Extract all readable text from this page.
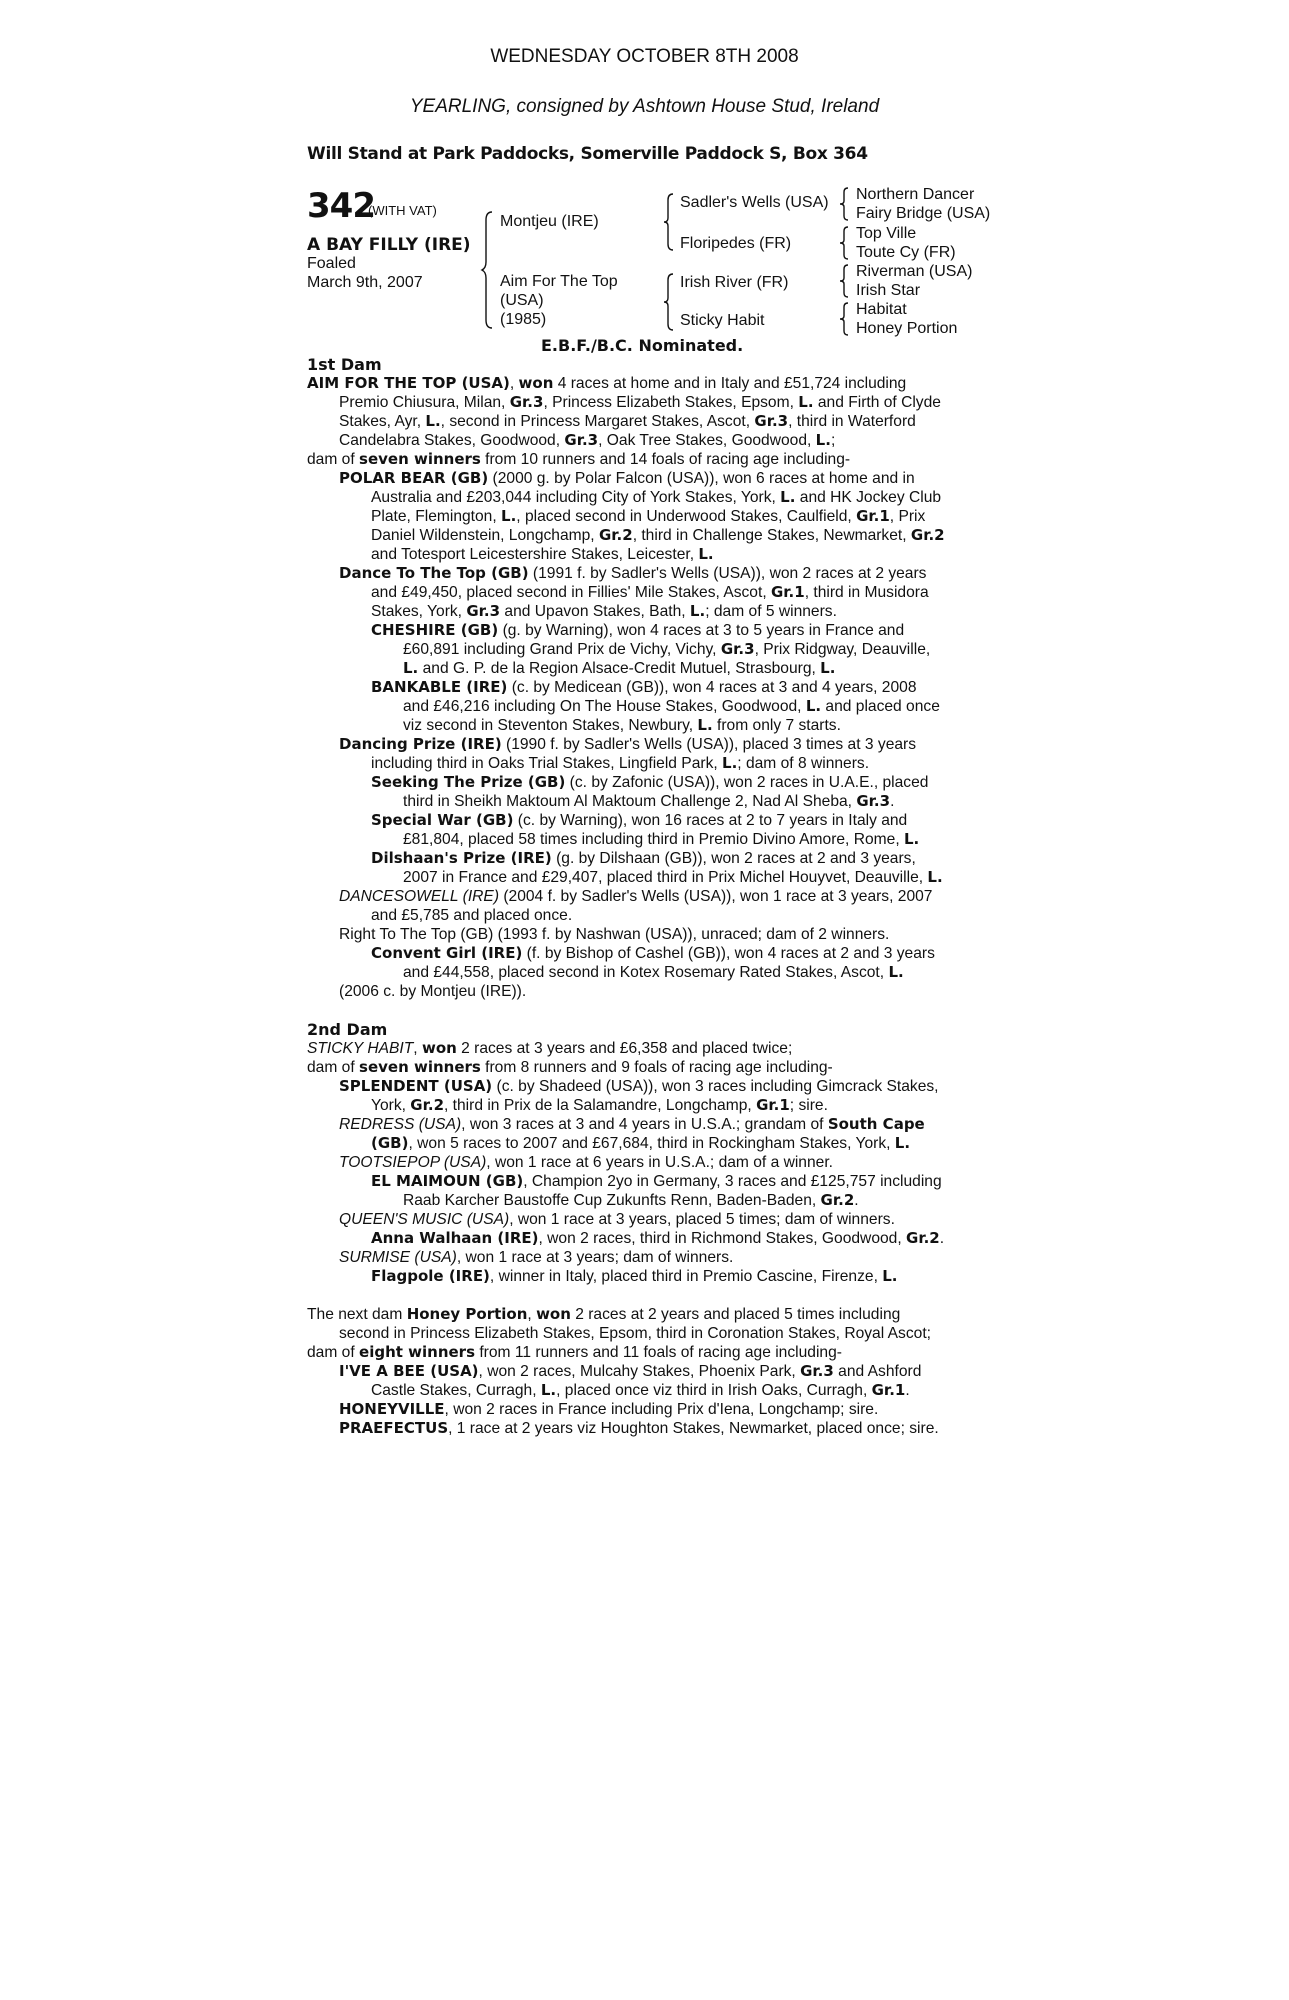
WEDNESDAY OCTOBER 8TH 2008
YEARLING, consigned by Ashtown House Stud, Ireland
Will Stand at Park Paddocks, Somerville Paddock S, Box 364
342
(WITH VAT)
A BAY FILLY (IRE)
Foaled
March 9th, 2007
Montjeu (IRE)
Aim For The Top
(USA)
(1985)
Sadler's Wells (USA)
Floripedes (FR)
Irish River (FR)
Sticky Habit
Northern Dancer
Fairy Bridge (USA)
Top Ville
Toute Cy (FR)
Riverman (USA)
Irish Star
Habitat
Honey Portion
E.B.F./B.C. Nominated.

1st Dam

AIM FOR THE TOP (USA), won 4 races at home and in Italy and £51,724 including

Premio Chiusura, Milan, Gr.3, Princess Elizabeth Stakes, Epsom, L. and Firth of Clyde

Stakes, Ayr, L., second in Princess Margaret Stakes, Ascot, Gr.3, third in Waterford

Candelabra Stakes, Goodwood, Gr.3, Oak Tree Stakes, Goodwood, L.;

dam of seven winners from 10 runners and 14 foals of racing age including-

POLAR BEAR (GB) (2000 g. by Polar Falcon (USA)), won 6 races at home and in

Australia and £203,044 including City of York Stakes, York, L. and HK Jockey Club

Plate, Flemington, L., placed second in Underwood Stakes, Caulfield, Gr.1, Prix

Daniel Wildenstein, Longchamp, Gr.2, third in Challenge Stakes, Newmarket, Gr.2

and Totesport Leicestershire Stakes, Leicester, L.

Dance To The Top (GB) (1991 f. by Sadler's Wells (USA)), won 2 races at 2 years

and £49,450, placed second in Fillies' Mile Stakes, Ascot, Gr.1, third in Musidora

Stakes, York, Gr.3 and Upavon Stakes, Bath, L.; dam of 5 winners.

CHESHIRE (GB) (g. by Warning), won 4 races at 3 to 5 years in France and

£60,891 including Grand Prix de Vichy, Vichy, Gr.3, Prix Ridgway, Deauville,

L. and G. P. de la Region Alsace-Credit Mutuel, Strasbourg, L.

BANKABLE (IRE) (c. by Medicean (GB)), won 4 races at 3 and 4 years, 2008

and £46,216 including On The House Stakes, Goodwood, L. and placed once

viz second in Steventon Stakes, Newbury, L. from only 7 starts.

Dancing Prize (IRE) (1990 f. by Sadler's Wells (USA)), placed 3 times at 3 years

including third in Oaks Trial Stakes, Lingfield Park, L.; dam of 8 winners.

Seeking The Prize (GB) (c. by Zafonic (USA)), won 2 races in U.A.E., placed

third in Sheikh Maktoum Al Maktoum Challenge 2, Nad Al Sheba, Gr.3.

Special War (GB) (c. by Warning), won 16 races at 2 to 7 years in Italy and

£81,804, placed 58 times including third in Premio Divino Amore, Rome, L.

Dilshaan's Prize (IRE) (g. by Dilshaan (GB)), won 2 races at 2 and 3 years,

2007 in France and £29,407, placed third in Prix Michel Houyvet, Deauville, L.

DANCESOWELL (IRE) (2004 f. by Sadler's Wells (USA)), won 1 race at 3 years, 2007

and £5,785 and placed once.

Right To The Top (GB) (1993 f. by Nashwan (USA)), unraced; dam of 2 winners.

Convent Girl (IRE) (f. by Bishop of Cashel (GB)), won 4 races at 2 and 3 years

and £44,558, placed second in Kotex Rosemary Rated Stakes, Ascot, L.

(2006 c. by Montjeu (IRE)).

2nd Dam

STICKY HABIT, won 2 races at 3 years and £6,358 and placed twice;

dam of seven winners from 8 runners and 9 foals of racing age including-

SPLENDENT (USA) (c. by Shadeed (USA)), won 3 races including Gimcrack Stakes,

York, Gr.2, third in Prix de la Salamandre, Longchamp, Gr.1; sire.

REDRESS (USA), won 3 races at 3 and 4 years in U.S.A.; grandam of South Cape

(GB), won 5 races to 2007 and £67,684, third in Rockingham Stakes, York, L.

TOOTSIEPOP (USA), won 1 race at 6 years in U.S.A.; dam of a winner.

EL MAIMOUN (GB), Champion 2yo in Germany, 3 races and £125,757 including

Raab Karcher Baustoffe Cup Zukunfts Renn, Baden-Baden, Gr.2.

QUEEN'S MUSIC (USA), won 1 race at 3 years, placed 5 times; dam of winners.

Anna Walhaan (IRE), won 2 races, third in Richmond Stakes, Goodwood, Gr.2.

SURMISE (USA), won 1 race at 3 years; dam of winners.

Flagpole (IRE), winner in Italy, placed third in Premio Cascine, Firenze, L.

The next dam Honey Portion, won 2 races at 2 years and placed 5 times including

second in Princess Elizabeth Stakes, Epsom, third in Coronation Stakes, Royal Ascot;

dam of eight winners from 11 runners and 11 foals of racing age including-

I'VE A BEE (USA), won 2 races, Mulcahy Stakes, Phoenix Park, Gr.3 and Ashford

Castle Stakes, Curragh, L., placed once viz third in Irish Oaks, Curragh, Gr.1.

HONEYVILLE, won 2 races in France including Prix d'Iena, Longchamp; sire.

PRAEFECTUS, 1 race at 2 years viz Houghton Stakes, Newmarket, placed once; sire.
